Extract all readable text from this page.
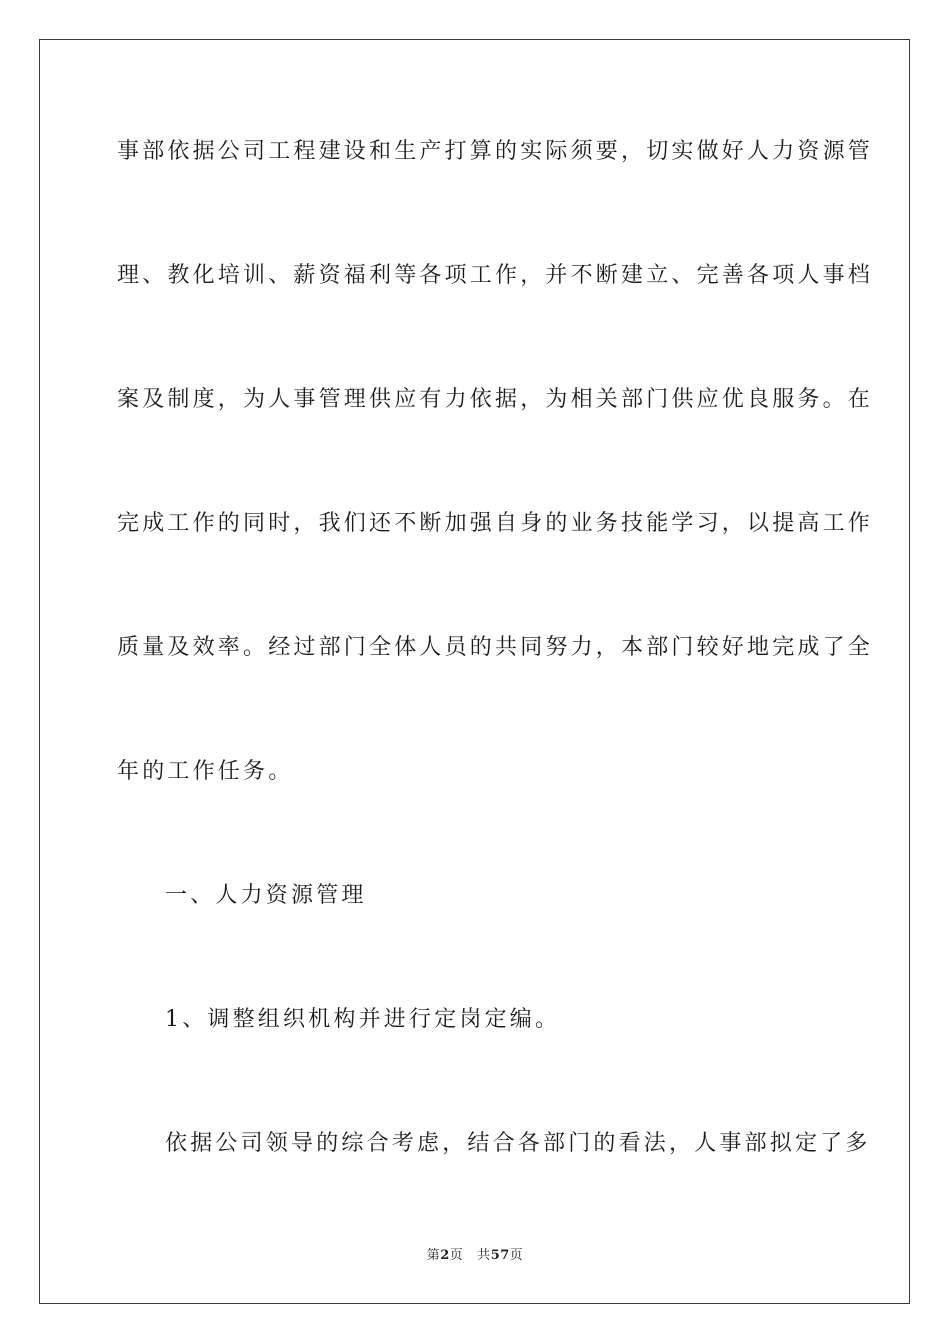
事部依据公司工程建设和生产打算的实际须要，切实做好人力资源管
理、教化培训、薪资福利等各项工作，并不断建立、完善各项人事档
案及制度，为人事管理供应有力依据，为相关部门供应优良服务。在
完成工作的同时，我们还不断加强自身的业务技能学习，以提高工作
质量及效率。经过部门全体人员的共同努力，本部门较好地完成了全
年的工作任务。
一、人力资源管理
1、调整组织机构并进行定岗定编。
依据公司领导的综合考虑，结合各部门的看法，人事部拟定了多
第2页 共57页
